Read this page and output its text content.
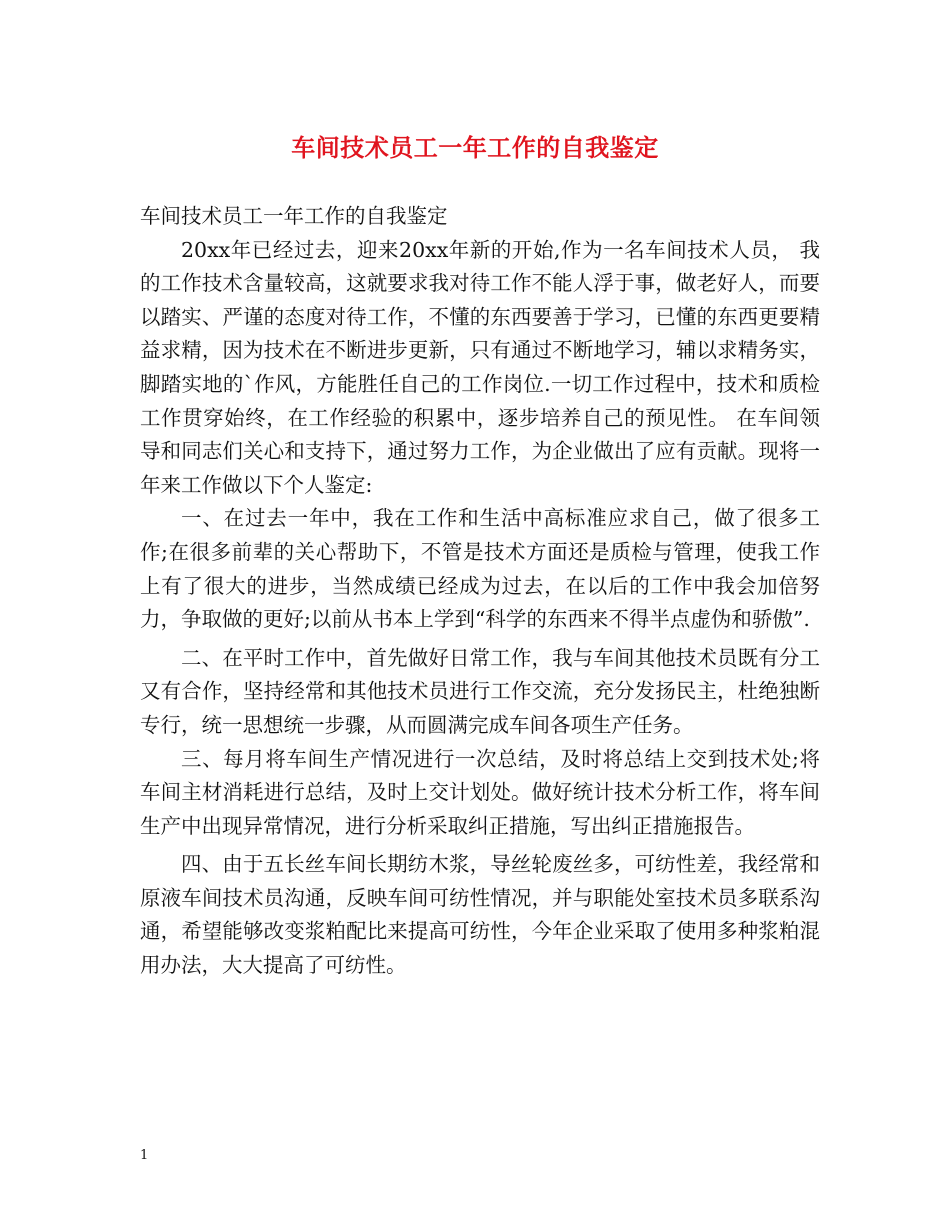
车间技术员工一年工作的自我鉴定

车间技术员工一年工作的自我鉴定

20xx年已经过去，迎来20xx年新的开始,作为一名车间技术人员， 我的工作技术含量较高，这就要求我对待工作不能人浮于事，做老好人，而要以踏实、严谨的态度对待工作，不懂的东西要善于学习，已懂的东西更要精益求精，因为技术在不断进步更新，只有通过不断地学习，辅以求精务实，脚踏实地的`作风，方能胜任自己的工作岗位.一切工作过程中，技术和质检工作贯穿始终，在工作经验的积累中，逐步培养自己的预见性。 在车间领导和同志们关心和支持下，通过努力工作，为企业做出了应有贡献。现将一年来工作做以下个人鉴定:

一、在过去一年中，我在工作和生活中高标准应求自己，做了很多工作;在很多前辈的关心帮助下，不管是技术方面还是质检与管理，使我工作上有了很大的进步，当然成绩已经成为过去，在以后的工作中我会加倍努力，争取做的更好;以前从书本上学到“科学的东西来不得半点虚伪和骄傲”.

二、在平时工作中，首先做好日常工作，我与车间其他技术员既有分工又有合作，坚持经常和其他技术员进行工作交流，充分发扬民主，杜绝独断专行，统一思想统一步骤，从而圆满完成车间各项生产任务。

三、每月将车间生产情况进行一次总结，及时将总结上交到技术处;将车间主材消耗进行总结，及时上交计划处。做好统计技术分析工作，将车间生产中出现异常情况，进行分析采取纠正措施，写出纠正措施报告。

四、由于五长丝车间长期纺木浆，导丝轮废丝多，可纺性差，我经常和原液车间技术员沟通，反映车间可纺性情况，并与职能处室技术员多联系沟通，希望能够改变浆粕配比来提高可纺性，今年企业采取了使用多种浆粕混用办法，大大提高了可纺性。

1
